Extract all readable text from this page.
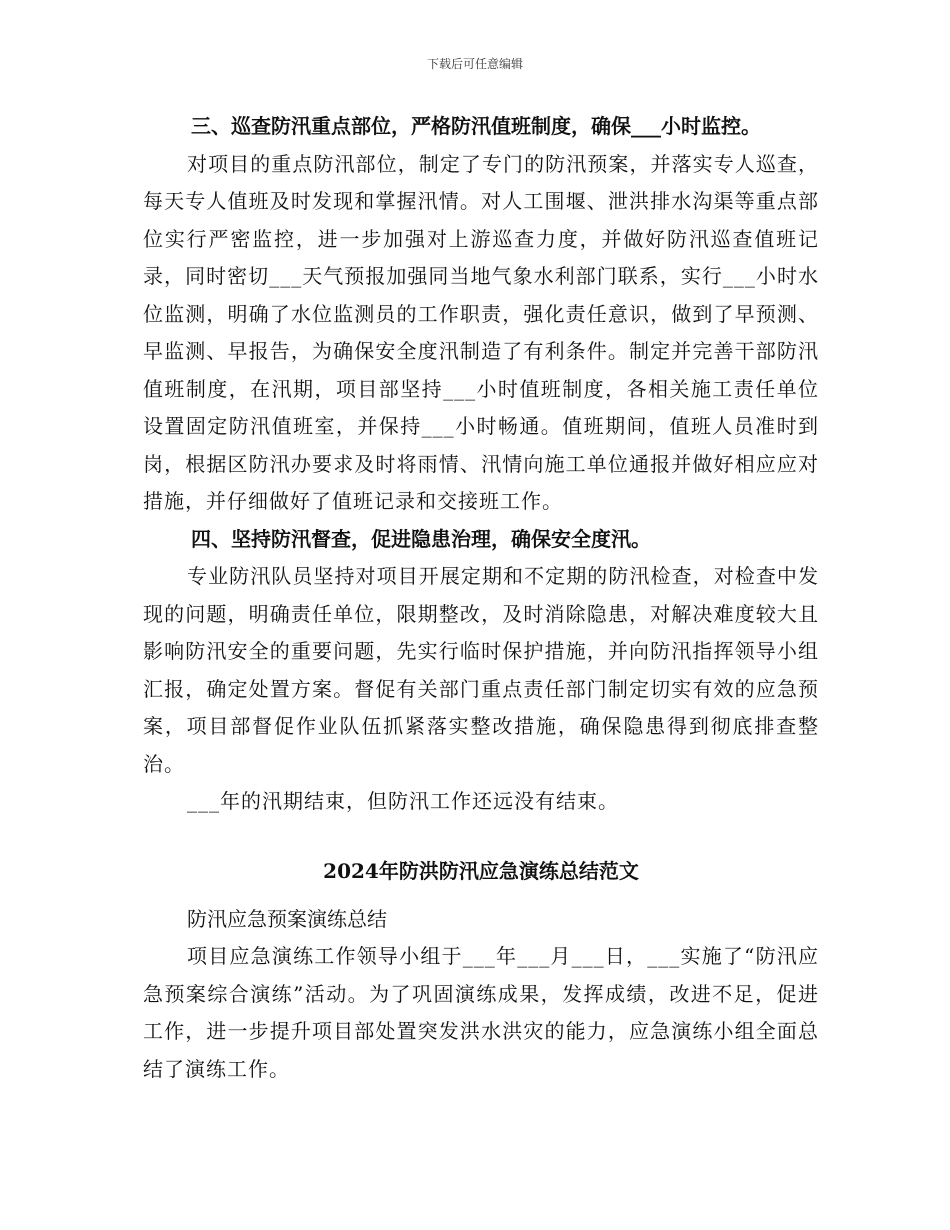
下载后可任意编辑

三、巡查防汛重点部位，严格防汛值班制度，确保___小时监控。

对项目的重点防汛部位，制定了专门的防汛预案，并落实专人巡查，每天专人值班及时发现和掌握汛情。对人工围堰、泄洪排水沟渠等重点部位实行严密监控，进一步加强对上游巡查力度，并做好防汛巡查值班记录，同时密切___天气预报加强同当地气象水利部门联系，实行___小时水位监测，明确了水位监测员的工作职责，强化责任意识，做到了早预测、早监测、早报告，为确保安全度汛制造了有利条件。制定并完善干部防汛值班制度，在汛期，项目部坚持___小时值班制度，各相关施工责任单位设置固定防汛值班室，并保持___小时畅通。值班期间，值班人员准时到岗，根据区防汛办要求及时将雨情、汛情向施工单位通报并做好相应应对措施，并仔细做好了值班记录和交接班工作。

四、坚持防汛督查，促进隐患治理，确保安全度汛。

专业防汛队员坚持对项目开展定期和不定期的防汛检查，对检查中发现的问题，明确责任单位，限期整改，及时消除隐患，对解决难度较大且影响防汛安全的重要问题，先实行临时保护措施，并向防汛指挥领导小组汇报，确定处置方案。督促有关部门重点责任部门制定切实有效的应急预案，项目部督促作业队伍抓紧落实整改措施，确保隐患得到彻底排查整治。

___年的汛期结束，但防汛工作还远没有结束。

2024年防洪防汛应急演练总结范文

防汛应急预案演练总结

项目应急演练工作领导小组于___年___月___日，___实施了“防汛应急预案综合演练”活动。为了巩固演练成果，发挥成绩，改进不足，促进工作，进一步提升项目部处置突发洪水洪灾的能力，应急演练小组全面总结了演练工作。
